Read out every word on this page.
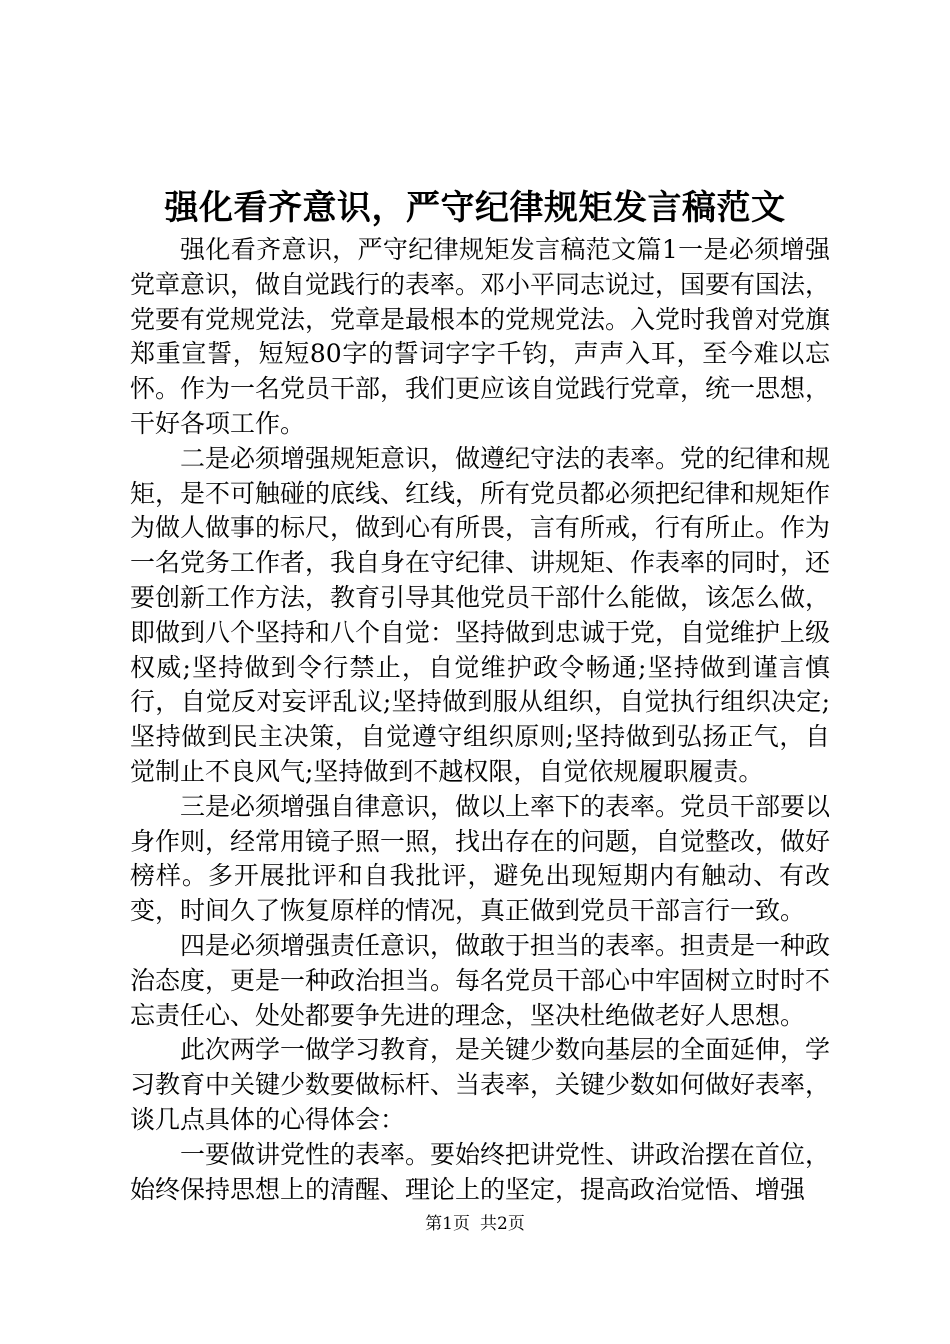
强化看齐意识，严守纪律规矩发言稿范文

强化看齐意识，严守纪律规矩发言稿范文篇1一是必须增强党章意识，做自觉践行的表率。邓小平同志说过，国要有国法，党要有党规党法，党章是最根本的党规党法。入党时我曾对党旗郑重宣誓，短短80字的誓词字字千钧，声声入耳，至今难以忘怀。作为一名党员干部，我们更应该自觉践行党章，统一思想，干好各项工作。

二是必须增强规矩意识，做遵纪守法的表率。党的纪律和规矩，是不可触碰的底线、红线，所有党员都必须把纪律和规矩作为做人做事的标尺，做到心有所畏，言有所戒，行有所止。作为一名党务工作者，我自身在守纪律、讲规矩、作表率的同时，还要创新工作方法，教育引导其他党员干部什么能做，该怎么做，即做到八个坚持和八个自觉：坚持做到忠诚于党，自觉维护上级权威;坚持做到令行禁止，自觉维护政令畅通;坚持做到谨言慎行，自觉反对妄评乱议;坚持做到服从组织，自觉执行组织决定;坚持做到民主决策，自觉遵守组织原则;坚持做到弘扬正气，自觉制止不良风气;坚持做到不越权限，自觉依规履职履责。

三是必须增强自律意识，做以上率下的表率。党员干部要以身作则，经常用镜子照一照，找出存在的问题，自觉整改，做好榜样。多开展批评和自我批评，避免出现短期内有触动、有改变，时间久了恢复原样的情况，真正做到党员干部言行一致。

四是必须增强责任意识，做敢于担当的表率。担责是一种政治态度，更是一种政治担当。每名党员干部心中牢固树立时时不忘责任心、处处都要争先进的理念，坚决杜绝做老好人思想。

此次两学一做学习教育，是关键少数向基层的全面延伸，学习教育中关键少数要做标杆、当表率，关键少数如何做好表率，谈几点具体的心得体会：

一要做讲党性的表率。要始终把讲党性、讲政治摆在首位，始终保持思想上的清醒、理论上的坚定，提高政治觉悟、增强

第1页 共2页
